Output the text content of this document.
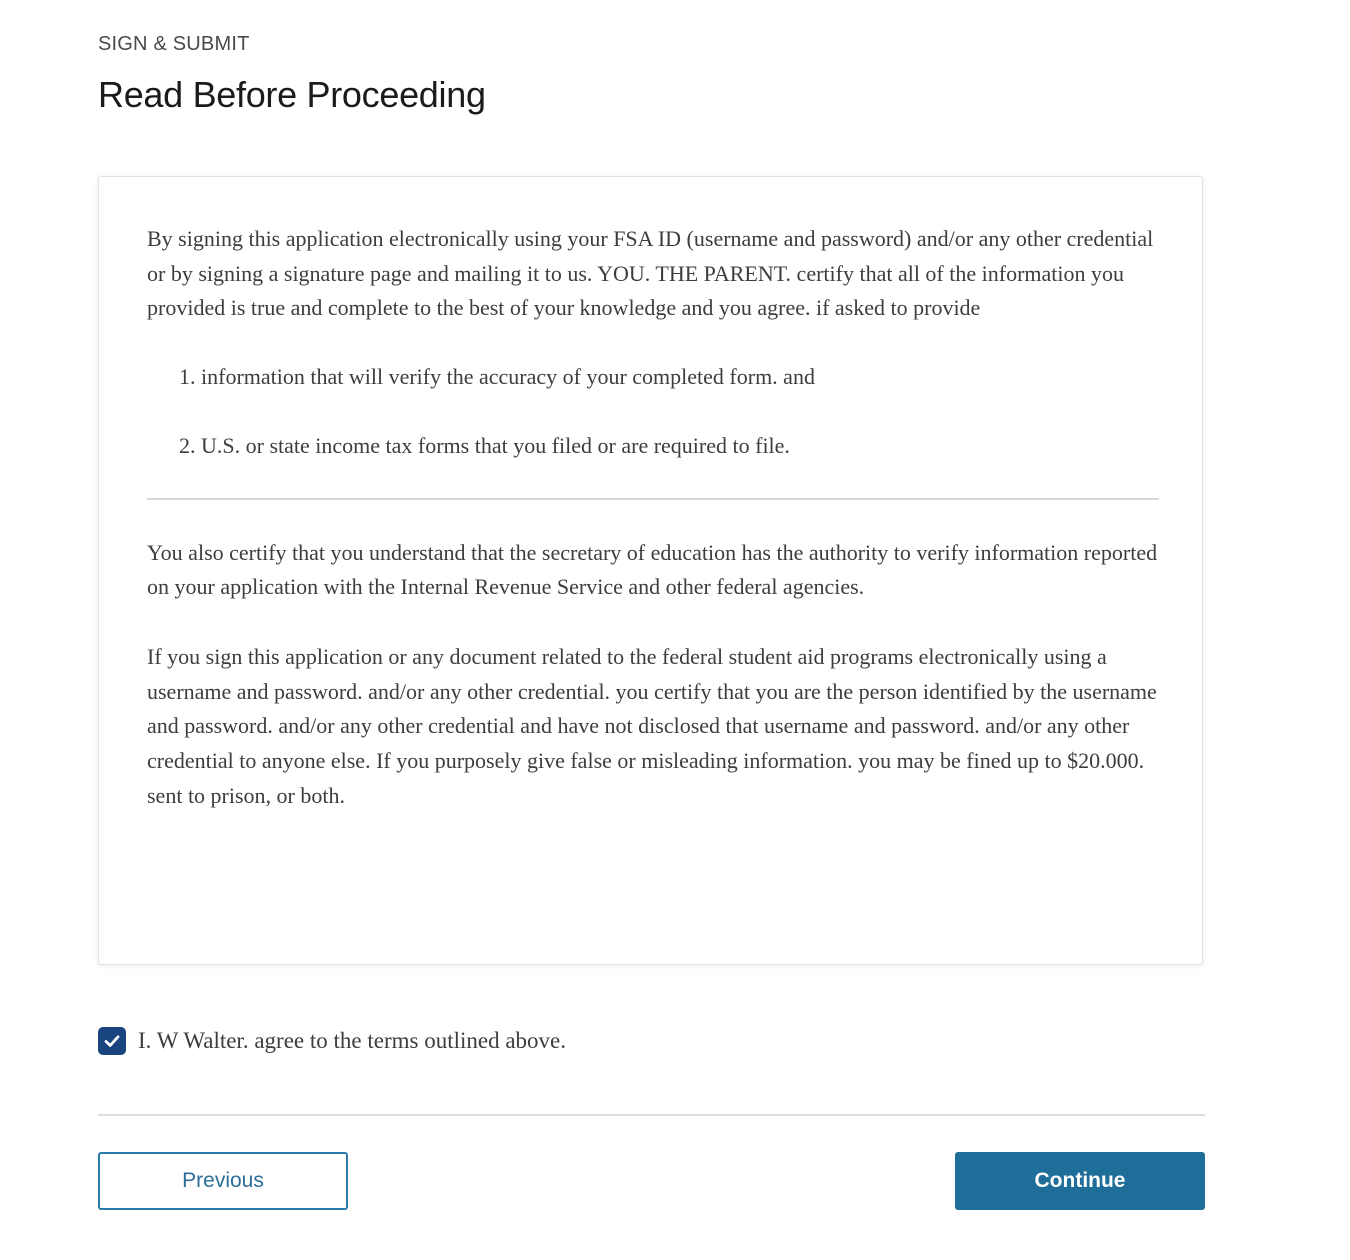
SIGN & SUBMIT
Read Before Proceeding

By signing this application electronically using your FSA ID (username and password) and/or any other credential or by signing a signature page and mailing it to us. YOU. THE PARENT. certify that all of the information you provided is true and complete to the best of your knowledge and you agree. if asked to provide

1. information that will verify the accuracy of your completed form. and
2. U.S. or state income tax forms that you filed or are required to file.

You also certify that you understand that the secretary of education has the authority to verify information reported on your application with the Internal Revenue Service and other federal agencies.

If you sign this application or any document related to the federal student aid programs electronically using a username and password. and/or any other credential. you certify that you are the person identified by the username and password. and/or any other credential and have not disclosed that username and password. and/or any other credential to anyone else. If you purposely give false or misleading information. you may be fined up to $20.000. sent to prison, or both.

I. W Walter. agree to the terms outlined above.
Previous	Continue
